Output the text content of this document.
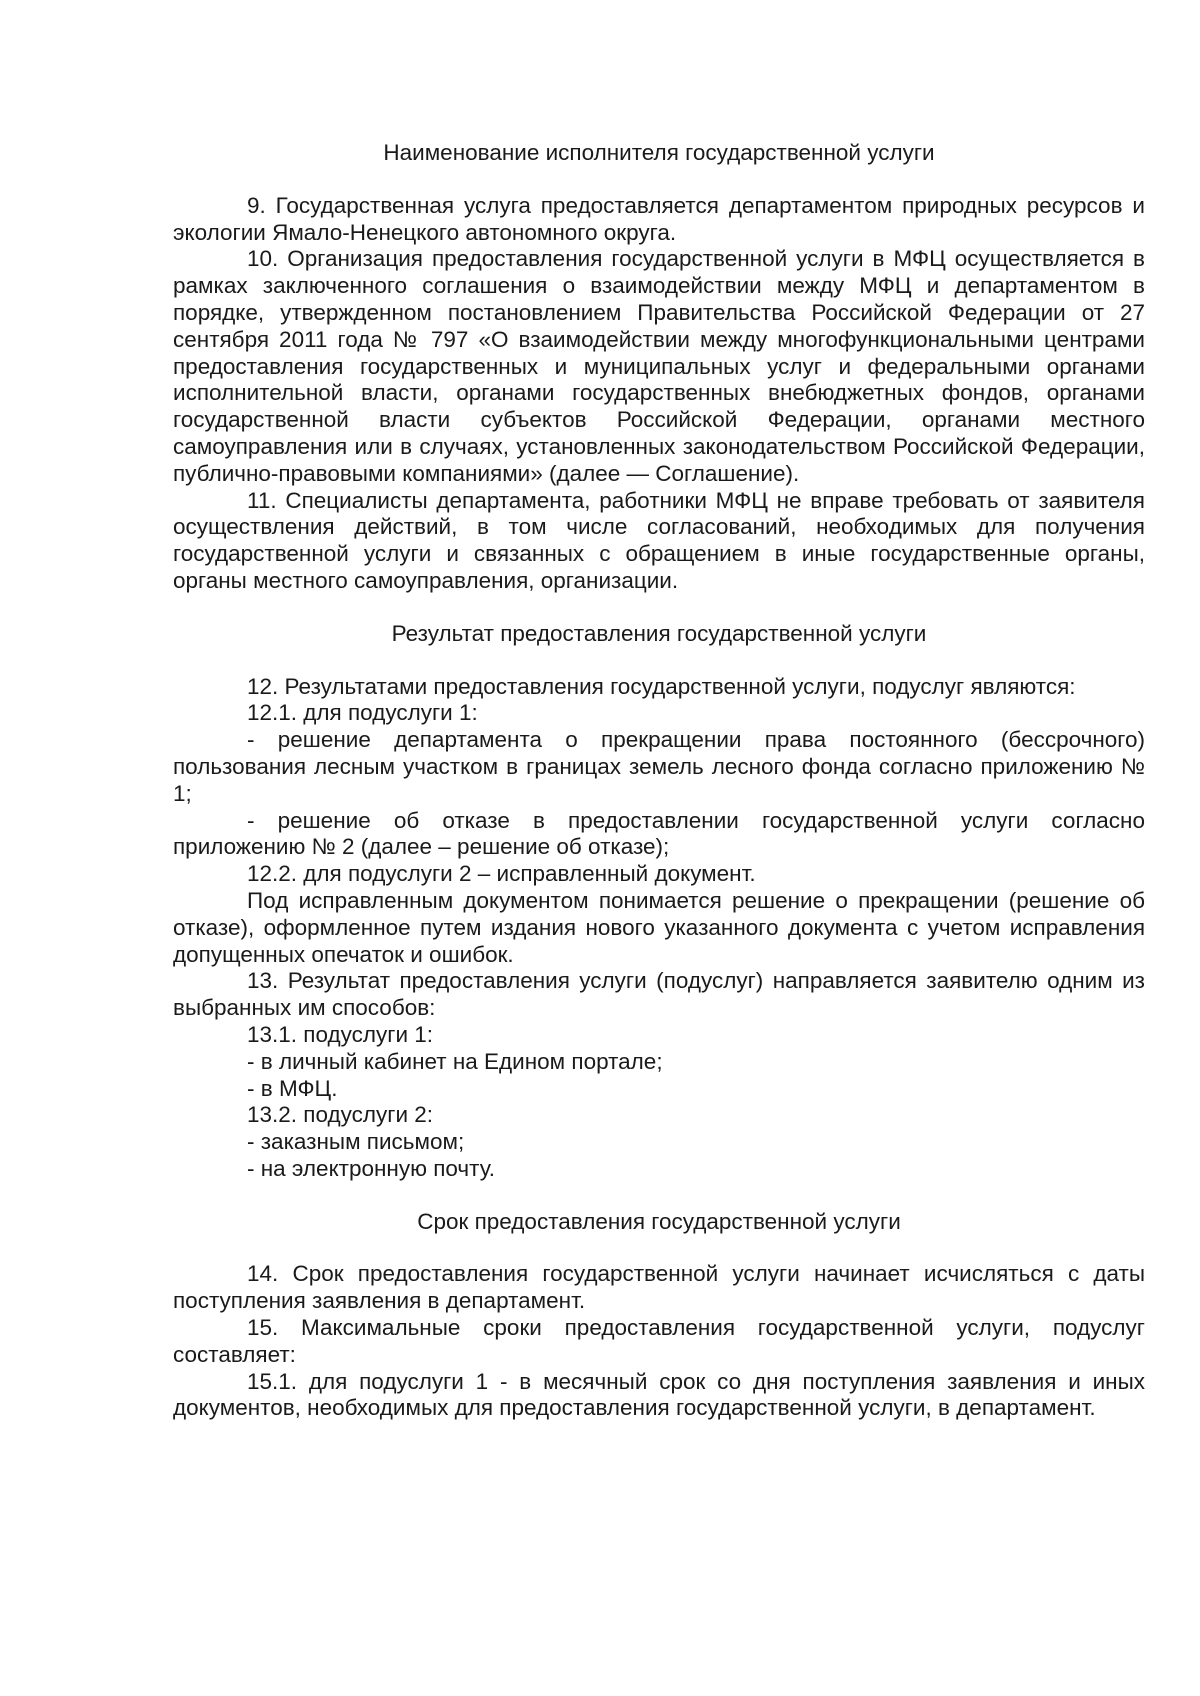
Наименование исполнителя государственной услуги

9. Государственная услуга предоставляется департаментом природных ресурсов и экологии Ямало-Ненецкого автономного округа.

10. Организация предоставления государственной услуги в МФЦ осуществляется в рамках заключенного соглашения о взаимодействии между МФЦ и департаментом в порядке, утвержденном постановлением Правительства Российской Федерации от 27 сентября 2011 года № 797 «О взаимодействии между многофункциональными центрами предоставления государственных и муниципальных услуг и федеральными органами исполнительной власти, органами государственных внебюджетных фондов, органами государственной власти субъектов Российской Федерации, органами местного самоуправления или в случаях, установленных законодательством Российской Федерации, публично-правовыми компаниями» (далее — Соглашение).

11. Специалисты департамента, работники МФЦ не вправе требовать от заявителя осуществления действий, в том числе согласований, необходимых для получения государственной услуги и связанных с обращением в иные государственные органы, органы местного самоуправления, организации.

Результат предоставления государственной услуги

12. Результатами предоставления государственной услуги, подуслуг являются:

12.1. для подуслуги 1:

- решение департамента о прекращении права постоянного (бессрочного) пользования лесным участком в границах земель лесного фонда согласно приложению № 1;

- решение об отказе в предоставлении государственной услуги согласно приложению № 2 (далее – решение об отказе);

12.2. для подуслуги 2 – исправленный документ.

Под исправленным документом понимается решение о прекращении (решение об отказе), оформленное путем издания нового указанного документа с учетом исправления допущенных опечаток и ошибок.

13. Результат предоставления услуги (подуслуг) направляется заявителю одним из выбранных им способов:

13.1. подуслуги 1:

- в личный кабинет на Едином портале;

- в МФЦ.

13.2. подуслуги 2:

- заказным письмом;

- на электронную почту.

Срок предоставления государственной услуги

14. Срок предоставления государственной услуги начинает исчисляться с даты поступления заявления в департамент.

15. Максимальные сроки предоставления государственной услуги, подуслуг составляет:

15.1. для подуслуги 1 - в месячный срок со дня поступления заявления и иных документов, необходимых для предоставления государственной услуги, в департамент.
